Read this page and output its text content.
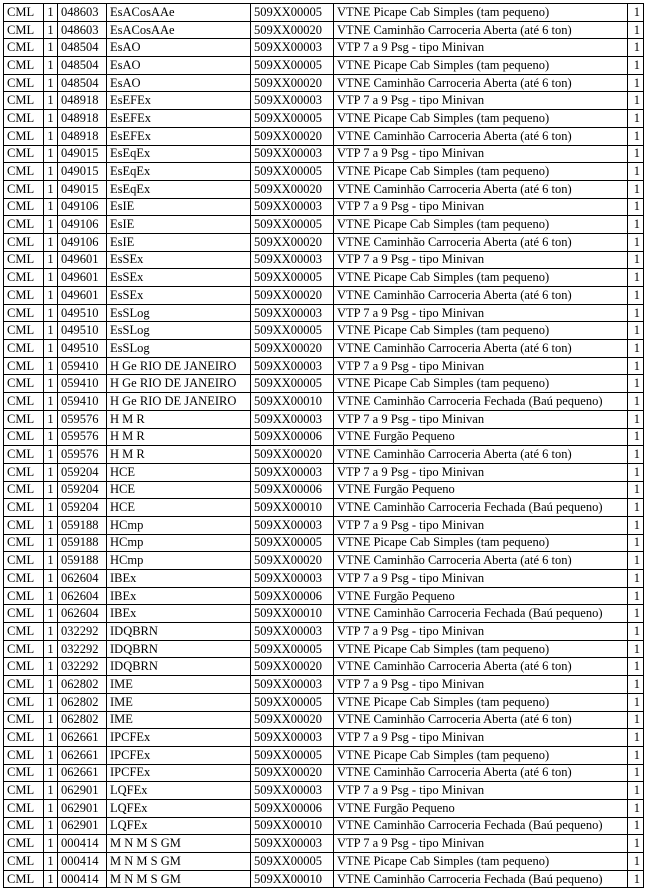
CML	1	048603	EsACosAAe	509XX00005	VTNE Picape Cab Simples (tam pequeno)	1
CML	1	048603	EsACosAAe	509XX00020	VTNE Caminhão Carroceria Aberta (até 6 ton)	1
CML	1	048504	EsAO	509XX00003	VTP 7 a 9 Psg - tipo Minivan	1
CML	1	048504	EsAO	509XX00005	VTNE Picape Cab Simples (tam pequeno)	1
CML	1	048504	EsAO	509XX00020	VTNE Caminhão Carroceria Aberta (até 6 ton)	1
CML	1	048918	EsEFEx	509XX00003	VTP 7 a 9 Psg - tipo Minivan	1
CML	1	048918	EsEFEx	509XX00005	VTNE Picape Cab Simples (tam pequeno)	1
CML	1	048918	EsEFEx	509XX00020	VTNE Caminhão Carroceria Aberta (até 6 ton)	1
CML	1	049015	EsEqEx	509XX00003	VTP 7 a 9 Psg - tipo Minivan	1
CML	1	049015	EsEqEx	509XX00005	VTNE Picape Cab Simples (tam pequeno)	1
CML	1	049015	EsEqEx	509XX00020	VTNE Caminhão Carroceria Aberta (até 6 ton)	1
CML	1	049106	EsIE	509XX00003	VTP 7 a 9 Psg - tipo Minivan	1
CML	1	049106	EsIE	509XX00005	VTNE Picape Cab Simples (tam pequeno)	1
CML	1	049106	EsIE	509XX00020	VTNE Caminhão Carroceria Aberta (até 6 ton)	1
CML	1	049601	EsSEx	509XX00003	VTP 7 a 9 Psg - tipo Minivan	1
CML	1	049601	EsSEx	509XX00005	VTNE Picape Cab Simples (tam pequeno)	1
CML	1	049601	EsSEx	509XX00020	VTNE Caminhão Carroceria Aberta (até 6 ton)	1
CML	1	049510	EsSLog	509XX00003	VTP 7 a 9 Psg - tipo Minivan	1
CML	1	049510	EsSLog	509XX00005	VTNE Picape Cab Simples (tam pequeno)	1
CML	1	049510	EsSLog	509XX00020	VTNE Caminhão Carroceria Aberta (até 6 ton)	1
CML	1	059410	H Ge RIO DE JANEIRO	509XX00003	VTP 7 a 9 Psg - tipo Minivan	1
CML	1	059410	H Ge RIO DE JANEIRO	509XX00005	VTNE Picape Cab Simples (tam pequeno)	1
CML	1	059410	H Ge RIO DE JANEIRO	509XX00010	VTNE Caminhão Carroceria Fechada (Baú pequeno)	1
CML	1	059576	H M R	509XX00003	VTP 7 a 9 Psg - tipo Minivan	1
CML	1	059576	H M R	509XX00006	VTNE Furgão Pequeno	1
CML	1	059576	H M R	509XX00020	VTNE Caminhão Carroceria Aberta (até 6 ton)	1
CML	1	059204	HCE	509XX00003	VTP 7 a 9 Psg - tipo Minivan	1
CML	1	059204	HCE	509XX00006	VTNE Furgão Pequeno	1
CML	1	059204	HCE	509XX00010	VTNE Caminhão Carroceria Fechada (Baú pequeno)	1
CML	1	059188	HCmp	509XX00003	VTP 7 a 9 Psg - tipo Minivan	1
CML	1	059188	HCmp	509XX00005	VTNE Picape Cab Simples (tam pequeno)	1
CML	1	059188	HCmp	509XX00020	VTNE Caminhão Carroceria Aberta (até 6 ton)	1
CML	1	062604	IBEx	509XX00003	VTP 7 a 9 Psg - tipo Minivan	1
CML	1	062604	IBEx	509XX00006	VTNE Furgão Pequeno	1
CML	1	062604	IBEx	509XX00010	VTNE Caminhão Carroceria Fechada (Baú pequeno)	1
CML	1	032292	IDQBRN	509XX00003	VTP 7 a 9 Psg - tipo Minivan	1
CML	1	032292	IDQBRN	509XX00005	VTNE Picape Cab Simples (tam pequeno)	1
CML	1	032292	IDQBRN	509XX00020	VTNE Caminhão Carroceria Aberta (até 6 ton)	1
CML	1	062802	IME	509XX00003	VTP 7 a 9 Psg - tipo Minivan	1
CML	1	062802	IME	509XX00005	VTNE Picape Cab Simples (tam pequeno)	1
CML	1	062802	IME	509XX00020	VTNE Caminhão Carroceria Aberta (até 6 ton)	1
CML	1	062661	IPCFEx	509XX00003	VTP 7 a 9 Psg - tipo Minivan	1
CML	1	062661	IPCFEx	509XX00005	VTNE Picape Cab Simples (tam pequeno)	1
CML	1	062661	IPCFEx	509XX00020	VTNE Caminhão Carroceria Aberta (até 6 ton)	1
CML	1	062901	LQFEx	509XX00003	VTP 7 a 9 Psg - tipo Minivan	1
CML	1	062901	LQFEx	509XX00006	VTNE Furgão Pequeno	1
CML	1	062901	LQFEx	509XX00010	VTNE Caminhão Carroceria Fechada (Baú pequeno)	1
CML	1	000414	M N M S GM	509XX00003	VTP 7 a 9 Psg - tipo Minivan	1
CML	1	000414	M N M S GM	509XX00005	VTNE Picape Cab Simples (tam pequeno)	1
CML	1	000414	M N M S GM	509XX00010	VTNE Caminhão Carroceria Fechada (Baú pequeno)	1
